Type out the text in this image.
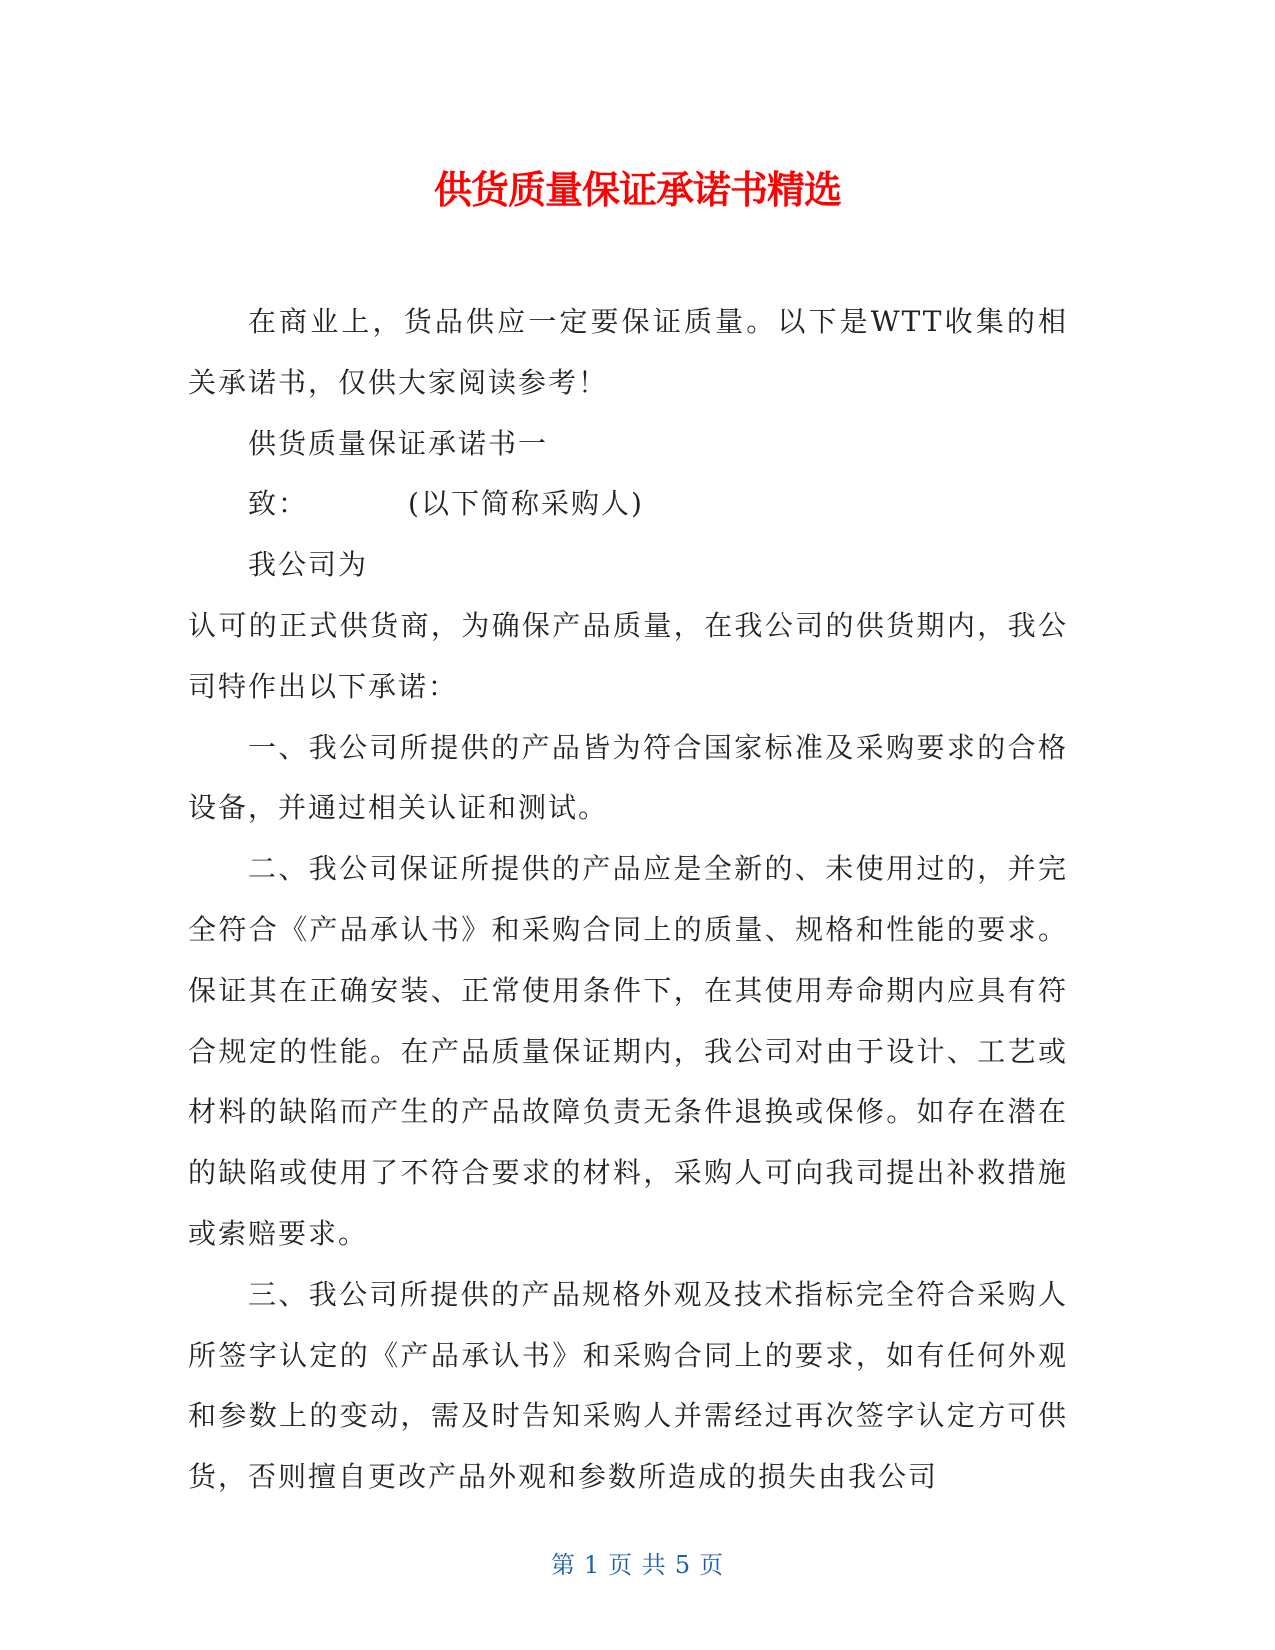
供货质量保证承诺书精选

在商业上，货品供应一定要保证质量。以下是WTT收集的相关承诺书，仅供大家阅读参考！

供货质量保证承诺书一

致：	(以下简称采购人)

我公司为

认可的正式供货商，为确保产品质量，在我公司的供货期内，我公司特作出以下承诺：

一、我公司所提供的产品皆为符合国家标准及采购要求的合格设备，并通过相关认证和测试。

二、我公司保证所提供的产品应是全新的、未使用过的，并完全符合《产品承认书》和采购合同上的质量、规格和性能的要求。保证其在正确安装、正常使用条件下，在其使用寿命期内应具有符合规定的性能。在产品质量保证期内，我公司对由于设计、工艺或材料的缺陷而产生的产品故障负责无条件退换或保修。如存在潜在的缺陷或使用了不符合要求的材料，采购人可向我司提出补救措施或索赔要求。

三、我公司所提供的产品规格外观及技术指标完全符合采购人所签字认定的《产品承认书》和采购合同上的要求，如有任何外观和参数上的变动，需及时告知采购人并需经过再次签字认定方可供货，否则擅自更改产品外观和参数所造成的损失由我公司

第 1 页 共 5 页
